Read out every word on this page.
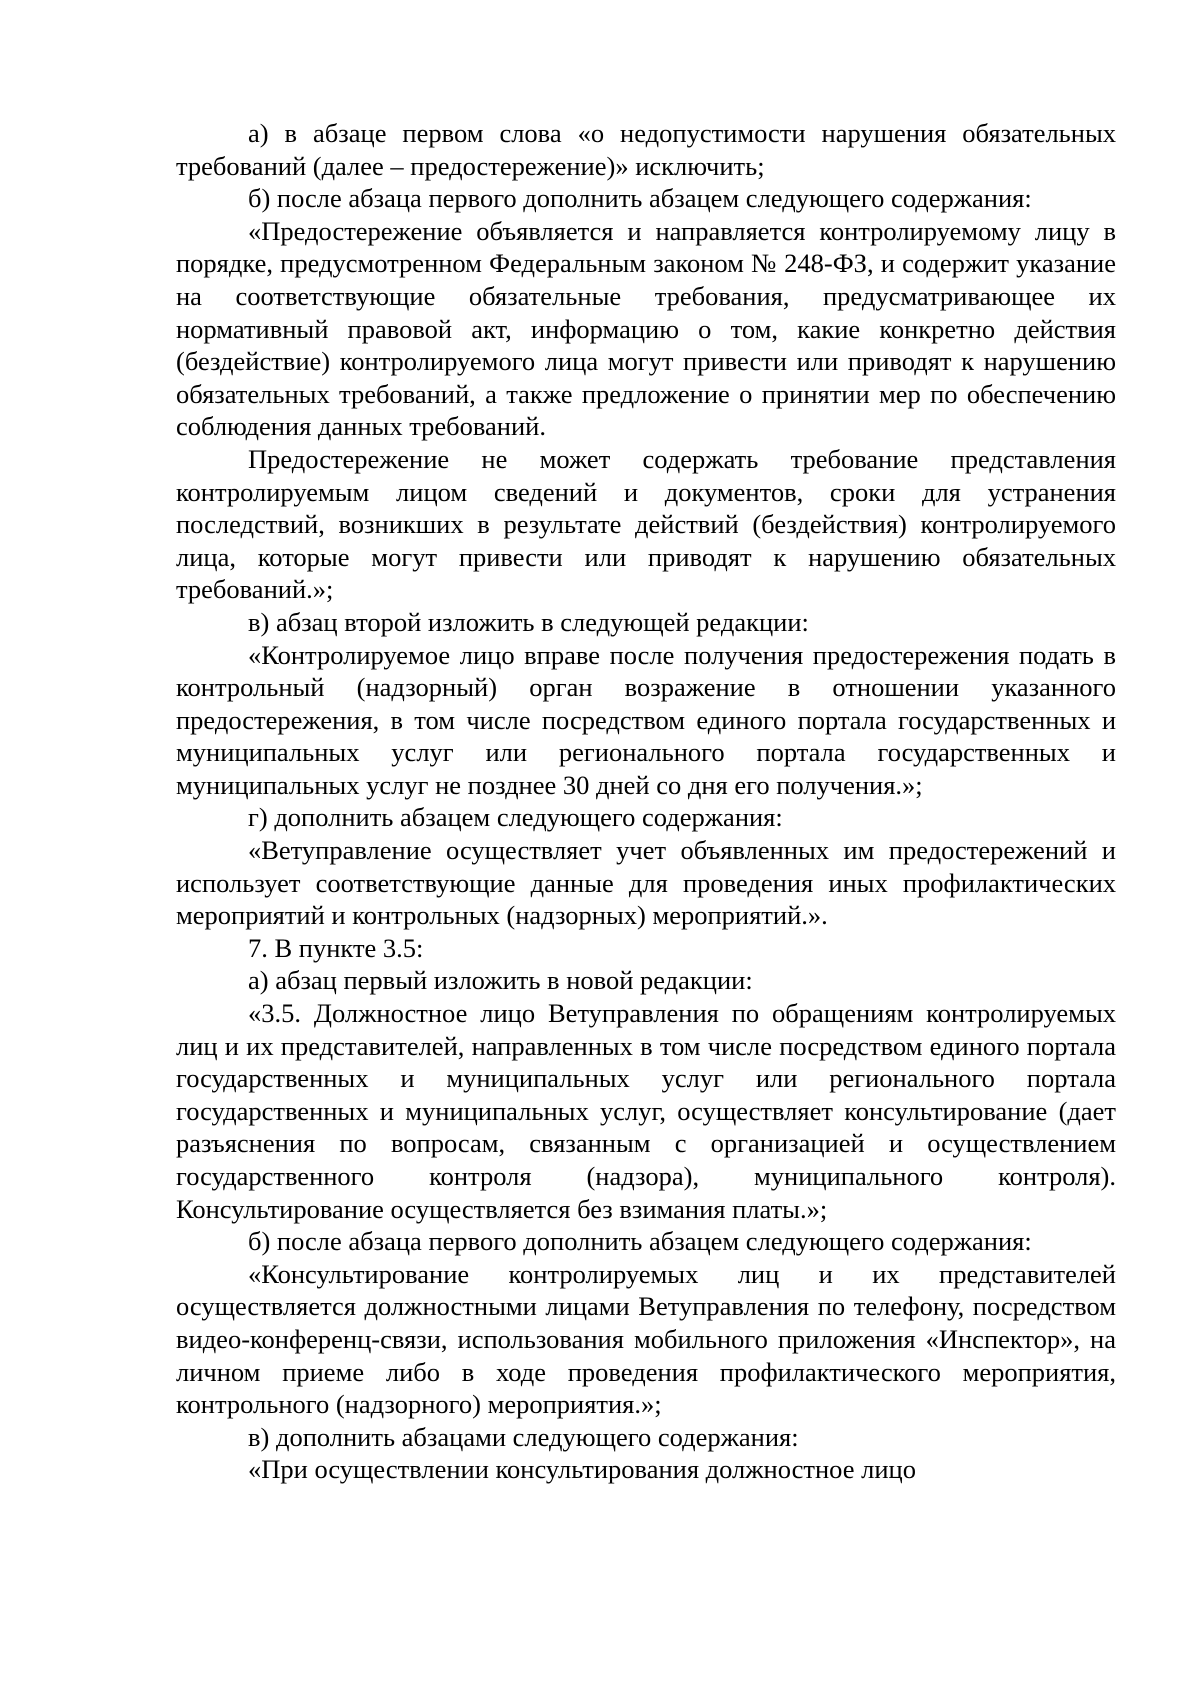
а) в абзаце первом слова «о недопустимости нарушения обязательных требований (далее – предостережение)» исключить;

б) после абзаца первого дополнить абзацем следующего содержания:

«Предостережение объявляется и направляется контролируемому лицу в порядке, предусмотренном Федеральным законом № 248-ФЗ, и содержит указание на соответствующие обязательные требования, предусматривающее их нормативный правовой акт, информацию о том, какие конкретно действия (бездействие) контролируемого лица могут привести или приводят к нарушению обязательных требований, а также предложение о принятии мер по обеспечению соблюдения данных требований.

Предостережение не может содержать требование представления контролируемым лицом сведений и документов, сроки для устранения последствий, возникших в результате действий (бездействия) контролируемого лица, которые могут привести или приводят к нарушению обязательных требований.»;

в) абзац второй изложить в следующей редакции:

«Контролируемое лицо вправе после получения предостережения подать в контрольный (надзорный) орган возражение в отношении указанного предостережения, в том числе посредством единого портала государственных и муниципальных услуг или регионального портала государственных и муниципальных услуг не позднее 30 дней со дня его получения.»;

г) дополнить абзацем следующего содержания:

«Ветуправление осуществляет учет объявленных им предостережений и использует соответствующие данные для проведения иных профилактических мероприятий и контрольных (надзорных) мероприятий.».

7. В пункте 3.5:

а) абзац первый изложить в новой редакции:

«3.5. Должностное лицо Ветуправления по обращениям контролируемых лиц и их представителей, направленных в том числе посредством единого портала государственных и муниципальных услуг или регионального портала государственных и муниципальных услуг, осуществляет консультирование (дает разъяснения по вопросам, связанным с организацией и осуществлением государственного контроля (надзора), муниципального контроля). Консультирование осуществляется без взимания платы.»;

б) после абзаца первого дополнить абзацем следующего содержания:

«Консультирование контролируемых лиц и их представителей осуществляется должностными лицами Ветуправления по телефону, посредством видео-конференц-связи, использования мобильного приложения «Инспектор», на личном приеме либо в ходе проведения профилактического мероприятия, контрольного (надзорного) мероприятия.»;

в) дополнить абзацами следующего содержания:

«При осуществлении консультирования должностное лицо
